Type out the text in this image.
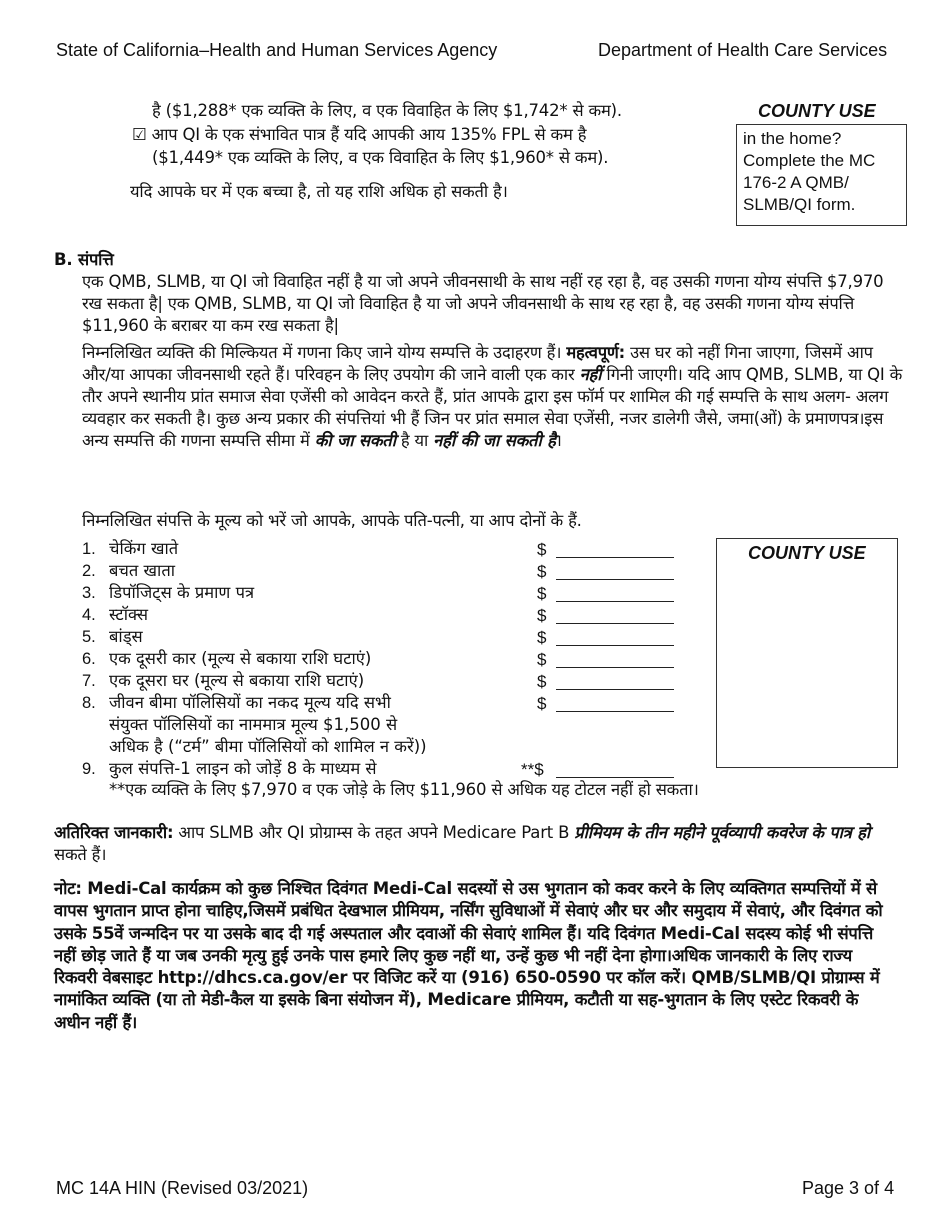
State of California–Health and Human Services Agency	Department of Health Care Services
है ($1,288* एक व्यक्ति के लिए, व एक विवाहित के लिए $1,742* से कम).
☑ आप QI के एक संभावित पात्र हैं यदि आपकी आय 135% FPL से कम है
($1,449* एक व्यक्ति के लिए, व एक विवाहित के लिए $1,960* से कम).
यदि आपके घर में एक बच्चा है, तो यह राशि अधिक हो सकती है।
COUNTY USE
in the home?
Complete the MC
176-2 A QMB/
SLMB/QI form.
B. संपत्ति
एक QMB, SLMB, या QI जो विवाहित नहीं है या जो अपने जीवनसाथी के साथ नहीं रह रहा है, वह उसकी गणना योग्य संपत्ति $7,970 रख सकता है| एक QMB, SLMB, या QI जो विवाहित है या जो अपने जीवनसाथी के साथ रह रहा है, वह उसकी गणना योग्य संपत्ति $11,960 के बराबर या कम रख सकता है|
निम्नलिखित व्यक्ति की मिल्कियत में गणना किए जाने योग्य सम्पत्ति के उदाहरण हैं। महत्वपूर्ण: उस घर को नहीं गिना जाएगा, जिसमें आप और/या आपका जीवनसाथी रहते हैं। परिवहन के लिए उपयोग की जाने वाली एक कार नहीं गिनी जाएगी। यदि आप QMB, SLMB, या QI के तौर अपने स्थानीय प्रांत समाज सेवा एजेंसी को आवेदन करते हैं, प्रांत आपके द्वारा इस फॉर्म पर शामिल की गई सम्पत्ति के साथ अलग- अलग व्यवहार कर सकती है। कुछ अन्य प्रकार की संपत्तियां भी हैं जिन पर प्रांत समाल सेवा एजेंसी, नजर डालेगी जैसे, जमा(ओं) के प्रमाणपत्र।इस अन्य सम्पत्ति की गणना सम्पत्ति सीमा में की जा सकती है या नहीं की जा सकती है।
निम्नलिखित संपत्ति के मूल्य को भरें जो आपके, आपके पति-पत्नी, या आप दोनों के हैं.
COUNTY USE
1. चेकिंग खाते	$
2. बचत खाता	$
3. डिपॉजिट्स के प्रमाण पत्र	$
4. स्टॉक्स	$
5. बांड्स	$
6. एक दूसरी कार (मूल्य से बकाया राशि घटाएं)	$
7. एक दूसरा घर (मूल्य से बकाया राशि घटाएं)	$
8. जीवन बीमा पॉलिसियों का नकद मूल्य यदि सभी	$
संयुक्त पॉलिसियों का नाममात्र मूल्य $1,500 से
अधिक है (“टर्म” बीमा पॉलिसियों को शामिल न करें))
9. कुल संपत्ति-1 लाइन को जोड़ें 8 के माध्यम से	**$
**एक व्यक्ति के लिए $7,970 व एक जोड़े के लिए $11,960 से अधिक यह टोटल नहीं हो सकता।
अतिरिक्त जानकारी: आप SLMB और QI प्रोग्राम्स के तहत अपने Medicare Part B प्रीमियम के तीन महीने पूर्वव्यापी कवरेज के पात्र हो सकते हैं।
नोट: Medi-Cal कार्यक्रम को कुछ निश्चित दिवंगत Medi-Cal सदस्यों से उस भुगतान को कवर करने के लिए व्यक्तिगत सम्पत्तियों में से वापस भुगतान प्राप्त होना चाहिए,जिसमें प्रबंधित देखभाल प्रीमियम, नर्सिंग सुविधाओं में सेवाएं और घर और समुदाय में सेवाएं, और दिवंगत को उसके 55वें जन्मदिन पर या उसके बाद दी गई अस्पताल और दवाओं की सेवाएं शामिल हैं। यदि दिवंगत Medi-Cal सदस्य कोई भी संपत्ति नहीं छोड़ जाते हैं या जब उनकी मृत्यु हुई उनके पास हमारे लिए कुछ नहीं था, उन्हें कुछ भी नहीं देना होगा।अधिक जानकारी के लिए राज्य रिकवरी वेबसाइट http://dhcs.ca.gov/er पर विजिट करें या (916) 650-0590 पर कॉल करें। QMB/SLMB/QI प्रोग्राम्स में नामांकित व्यक्ति (या तो मेडी-कैल या इसके बिना संयोजन में), Medicare प्रीमियम, कटौती या सह-भुगतान के लिए एस्टेट रिकवरी के अधीन नहीं हैं।
MC 14A HIN (Revised 03/2021)	Page 3 of 4
